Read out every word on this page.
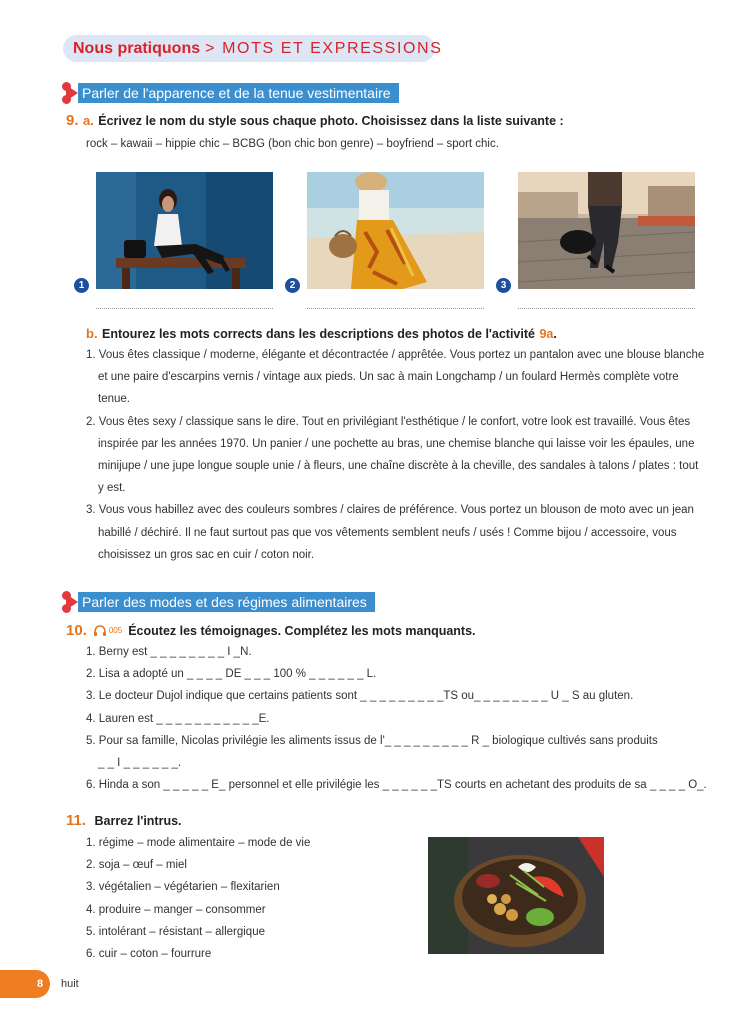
Nous pratiquons > MOTS ET EXPRESSIONS
Parler de l'apparence et de la tenue vestimentaire
9. a. Écrivez le nom du style sous chaque photo. Choisissez dans la liste suivante :
rock – kawaii – hippie chic – BCBG (bon chic bon genre) – boyfriend – sport chic.
1	2	3
b. Entourez les mots corrects dans les descriptions des photos de l'activité 9a.
1. Vous êtes classique / moderne, élégante et décontractée / apprêtée. Vous portez un pantalon avec une blouse blanche
et une paire d'escarpins vernis / vintage aux pieds. Un sac à main Longchamp / un foulard Hermès complète votre
tenue.
2. Vous êtes sexy / classique sans le dire. Tout en privilégiant l'esthétique / le confort, votre look est travaillé. Vous êtes
inspirée par les années 1970. Un panier / une pochette au bras, une chemise blanche qui laisse voir les épaules, une
minijupe / une jupe longue souple unie / à fleurs, une chaîne discrète à la cheville, des sandales à talons / plates : tout
y est.
3. Vous vous habillez avec des couleurs sombres / claires de préférence. Vous portez un blouson de moto avec un jean
habillé / déchiré. Il ne faut surtout pas que vos vêtements semblent neufs / usés ! Comme bijou / accessoire, vous
choisissez un gros sac en cuir / coton noir.
Parler des modes et des régimes alimentaires
10.	005 Écoutez les témoignages. Complétez les mots manquants.
1. Berny est _ _ _ _ _ _ _ _ I _N.
2. Lisa a adopté un _ _ _ _ DE _ _ _ 100 % _ _ _ _ _ _ L.
3. Le docteur Dujol indique que certains patients sont _ _ _ _ _ _ _ _ _TS ou_ _ _ _ _ _ _ _ U _ S au gluten.
4. Lauren est _ _ _ _ _ _ _ _ _ _ _E.
5. Pour sa famille, Nicolas privilégie les aliments issus de l'_ _ _ _ _ _ _ _ _ R _ biologique cultivés sans produits
_ _ I _ _ _ _ _ _.
6. Hinda a son _ _ _ _ _ E_ personnel et elle privilégie les _ _ _ _ _ _TS courts en achetant des produits de sa _ _ _ _ O_.
11. Barrez l'intrus.
1. régime – mode alimentaire – mode de vie
2. soja – œuf – miel
3. végétalien – végétarien – flexitarien
4. produire – manger – consommer
5. intolérant – résistant – allergique
6. cuir – coton – fourrure
8 huit
